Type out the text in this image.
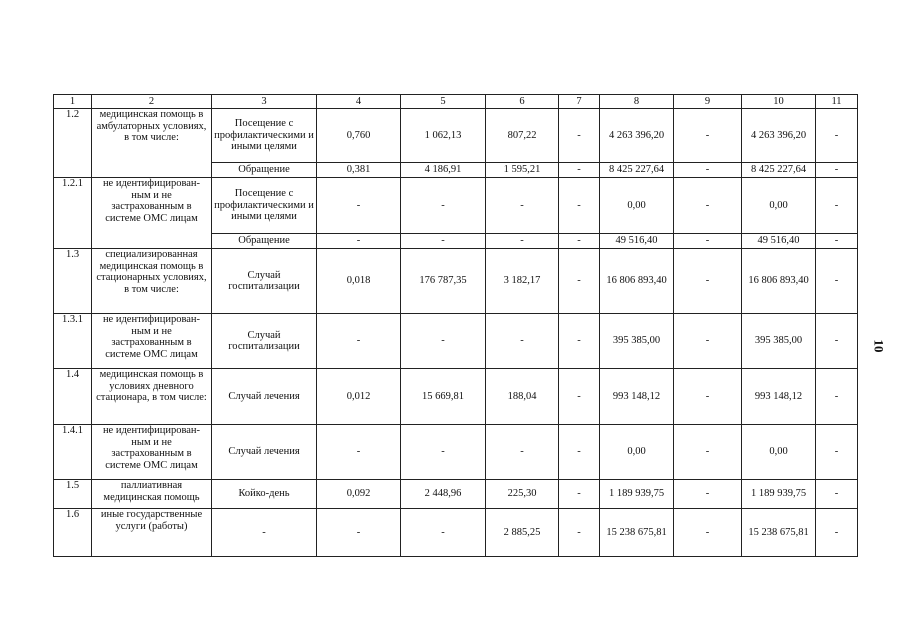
1	2	3	4	5	6	7	8	9	10	11
1.2	медицинская помощь в амбулаторных условиях, в том числе:	Посещение с профилактическими и иными целями	0,760	1 062,13	807,22	-	4 263 396,20	-	4 263 396,20	-
		Обращение	0,381	4 186,91	1 595,21	-	8 425 227,64	-	8 425 227,64	-
1.2.1	не идентифицирован-ным и не застрахованным в системе ОМС лицам	Посещение с профилактическими и иными целями	-	-	-	-	0,00	-	0,00	-
		Обращение	-	-	-	-	49 516,40	-	49 516,40	-
1.3	специализированная медицинская помощь в стационарных условиях, в том числе:	Случай госпитализации	0,018	176 787,35	3 182,17	-	16 806 893,40	-	16 806 893,40	-
1.3.1	не идентифицирован-ным и не застрахованным в системе ОМС лицам	Случай госпитализации	-	-	-	-	395 385,00	-	395 385,00	-
1.4	медицинская помощь в условиях дневного стационара, в том числе:	Случай лечения	0,012	15 669,81	188,04	-	993 148,12	-	993 148,12	-
1.4.1	не идентифицирован-ным и не застрахованным в системе ОМС лицам	Случай лечения	-	-	-	-	0,00	-	0,00	-
1.5	паллиативная медицинская помощь	Койко-день	0,092	2 448,96	225,30	-	1 189 939,75	-	1 189 939,75	-
1.6	иные государственные услуги (работы)	-	-	-	2 885,25	-	15 238 675,81	-	15 238 675,81	-
10
